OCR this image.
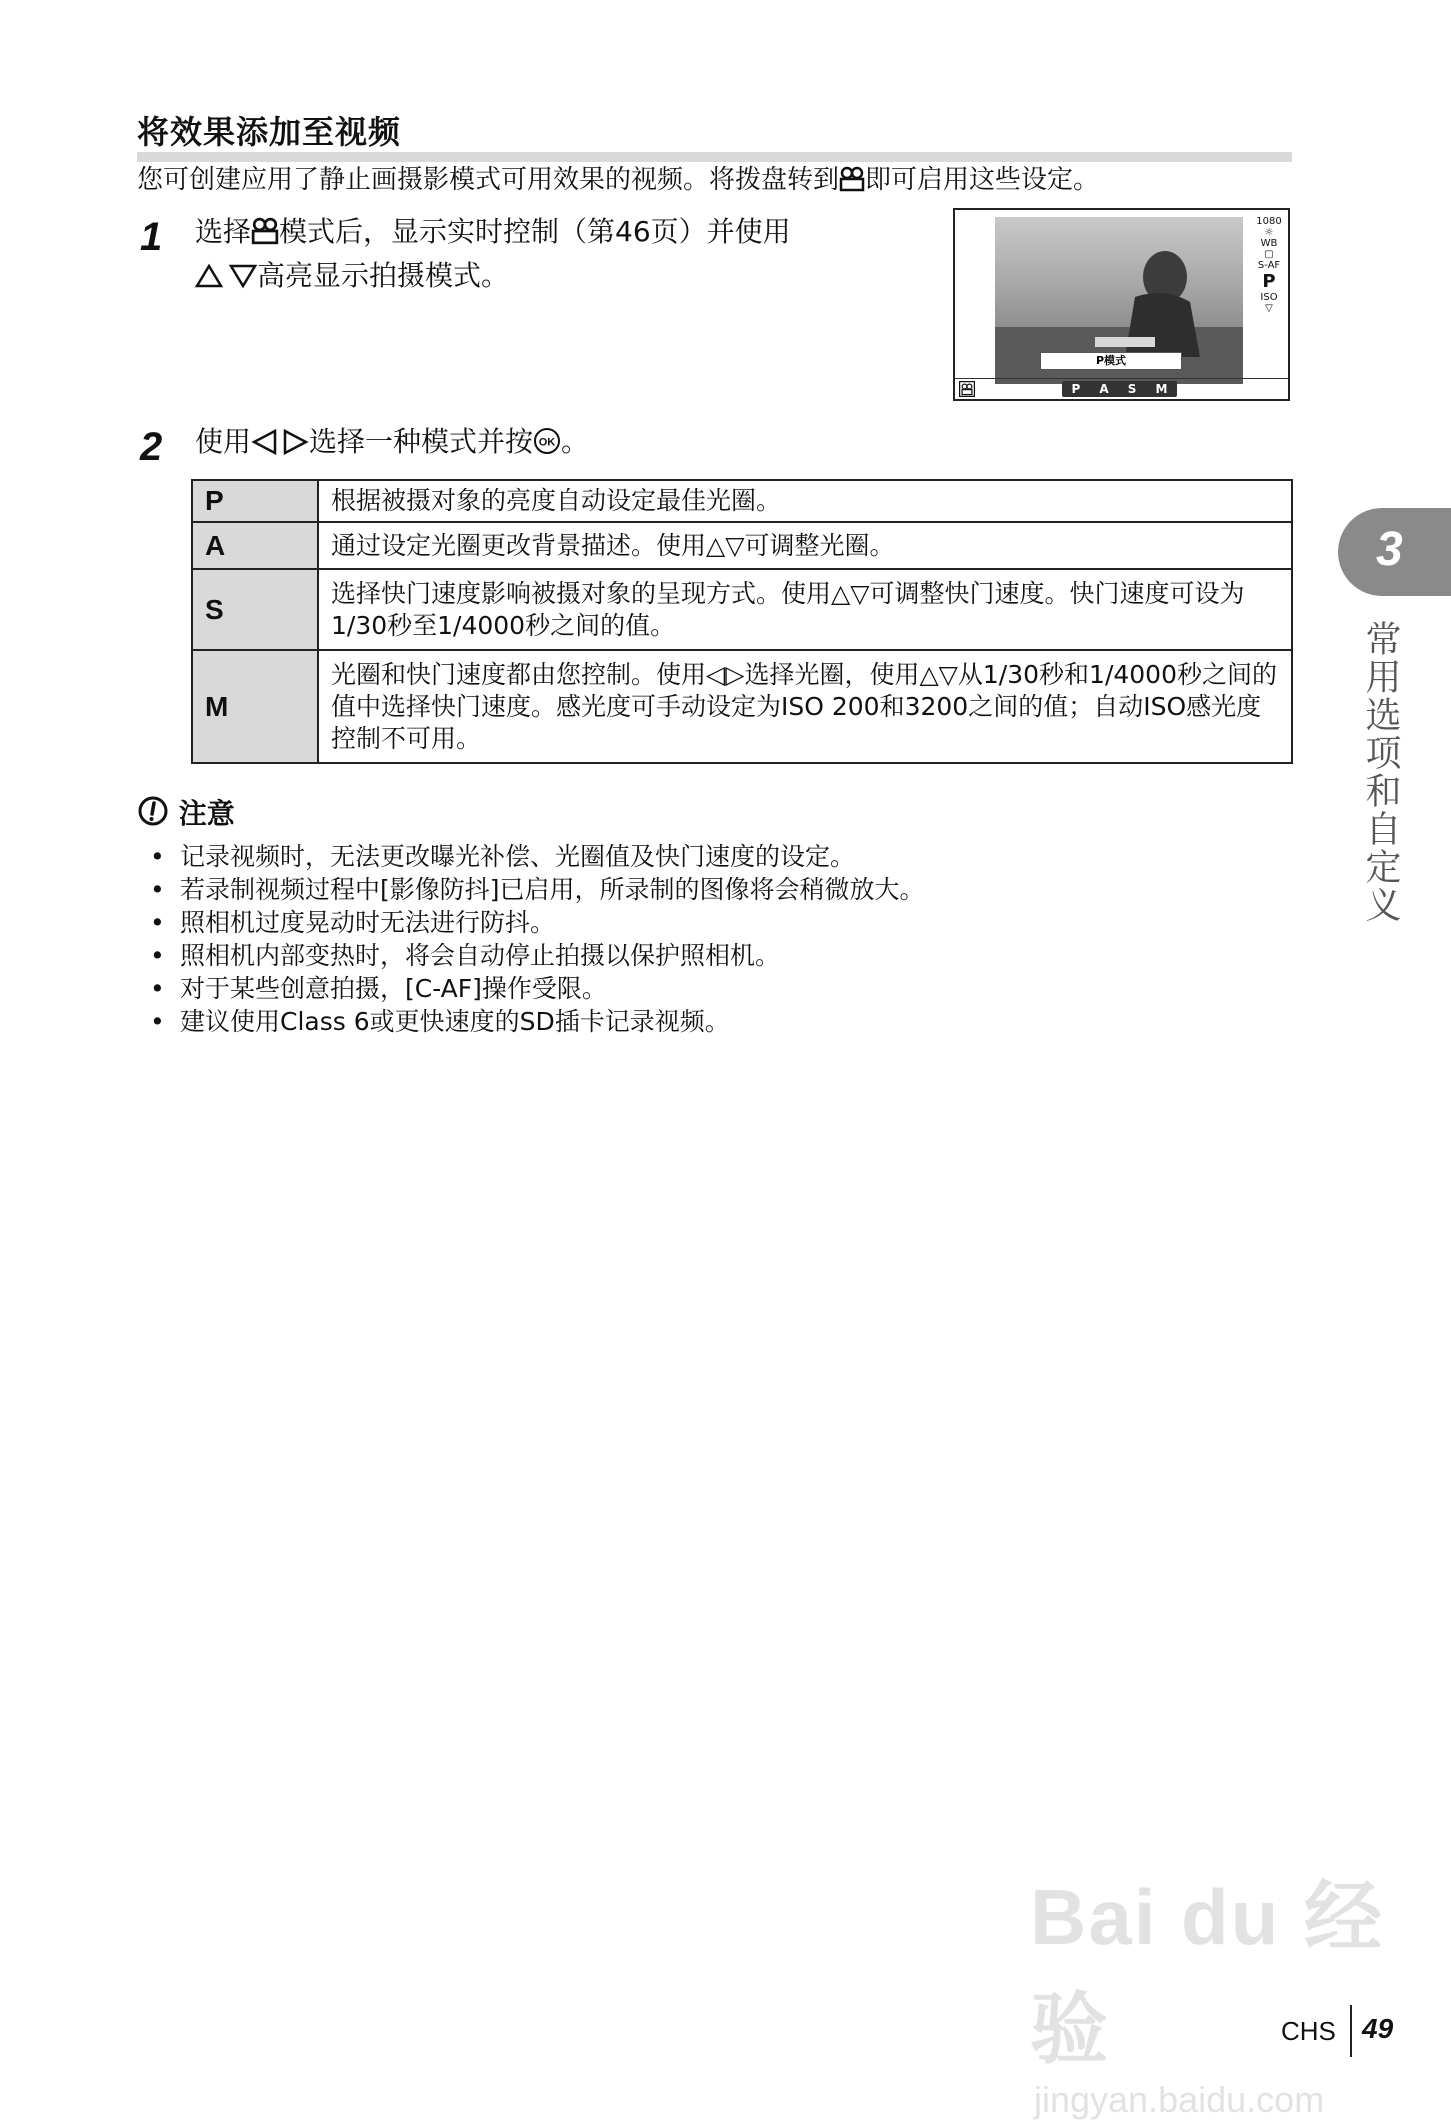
将效果添加至视频
您可创建应用了静止画摄影模式可用效果的视频。将拨盘转到 即可启用这些设定。
1 选择 模式后，显示实时控制（第46页）并使用
高亮显示拍摄模式。
P模式
1080
☼
WB
▢
S-AF
P
ISO
▽
P A S M
2 使用 选择一种模式并按 OK 。
P	根据被摄对象的亮度自动设定最佳光圈。
A	通过设定光圈更改背景描述。使用△▽可调整光圈。
S	选择快门速度影响被摄对象的呈现方式。使用△▽可调整快门速度。快门速度可设为1/30秒至1/4000秒之间的值。
M	光圈和快门速度都由您控制。使用◁▷选择光圈，使用△▽从1/30秒和1/4000秒之间的值中选择快门速度。感光度可手动设定为ISO 200和3200之间的值；自动ISO感光度控制不可用。
注意
• 记录视频时，无法更改曝光补偿、光圈值及快门速度的设定。
• 若录制视频过程中[影像防抖]已启用，所录制的图像将会稍微放大。
• 照相机过度晃动时无法进行防抖。
• 照相机内部变热时，将会自动停止拍摄以保护照相机。
• 对于某些创意拍摄，[C-AF]操作受限。
• 建议使用Class 6或更快速度的SD插卡记录视频。
3
常用选项和自定义
Bai du 经验
jingyan.baidu.com
CHS 49
